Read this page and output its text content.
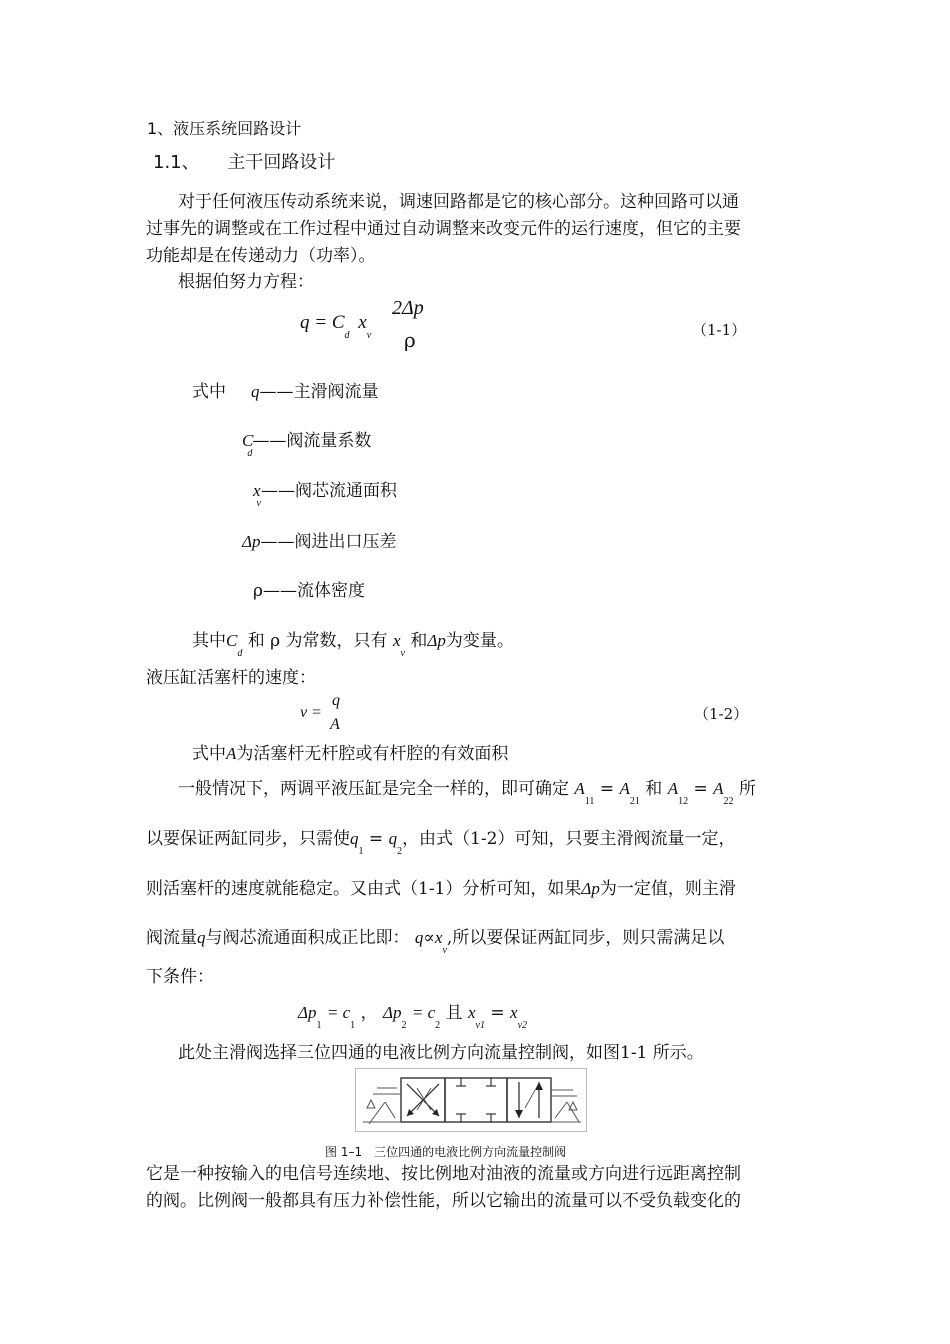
1、液压系统回路设计
1.1、 主干回路设计
对于任何液压传动系统来说，调速回路都是它的核心部分。这种回路可以通
过事先的调整或在工作过程中通过自动调整来改变元件的运行速度，但它的主要
功能却是在传递动力（功率）。
根据伯努力方程：
$q = C_d$ $x_v$
2Δp
ρ	（1-1）
式中 q——主滑阀流量
$C_d——$阀流量系数
$x_v——$阀芯流通面积
Δp——阀进出口压差
ρ——流体密度
其中$C_d$ 和 ρ 为常数，只有 $x_v$ 和Δp为变量。
液压缸活塞杆的速度：
v =
q
A
（1-2）
式中A为活塞杆无杆腔或有杆腔的有效面积
一般情况下，两调平液压缸是完全一样的，即可确定 $A_{11} = A_{21}$ 和 $A_{12} = A_{22}$ 所
以要保证两缸同步，只需使$q_1 = q_2$，由式（1-2）可知，只要主滑阀流量一定，
则活塞杆的速度就能稳定。又由式（1-1）分析可知，如果Δp为一定值，则主滑
阀流量q与阀芯流通面积成正比即： $q\propto x_v$,所以要保证两缸同步，则只需满足以
下条件：
$\Delta p_1 = c_1$ ， $\Delta p_2 = c_2$ 且 $x_{v1} = x_{v2}$
此处主滑阀选择三位四通的电液比例方向流量控制阀，如图1-1 所示。
图 1–1　三位四通的电液比例方向流量控制阀
它是一种按输入的电信号连续地、按比例地对油液的流量或方向进行远距离控制
的阀。比例阀一般都具有压力补偿性能，所以它输出的流量可以不受负载变化的
